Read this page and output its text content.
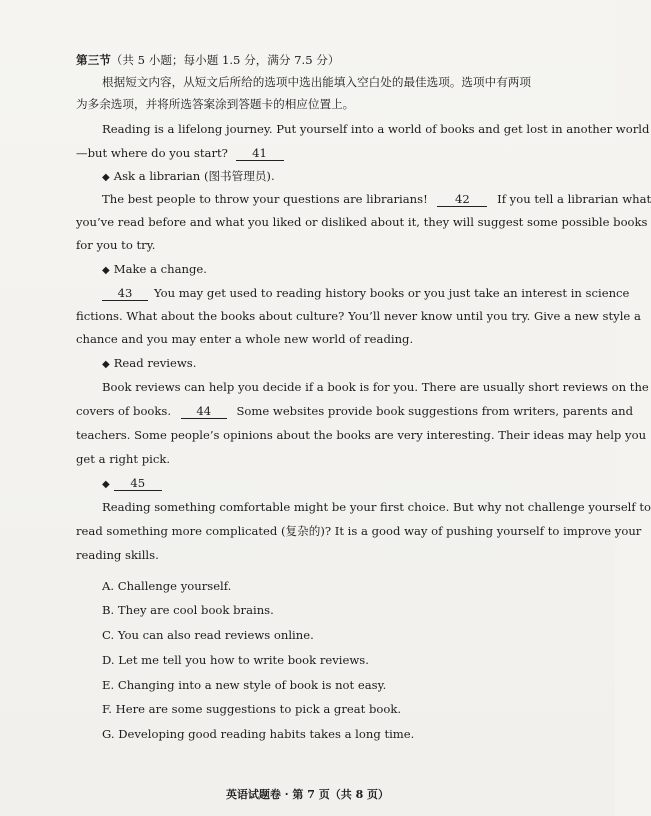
第三节（共 5 小题；每小题 1.5 分，满分 7.5 分）
根据短文内容，从短文后所给的选项中选出能填入空白处的最佳选项。选项中有两项
为多余选项，并将所选答案涂到答题卡的相应位置上。
Reading is a lifelong journey. Put yourself into a world of books and get lost in another world
—but where do you start? 41
◆ Ask a librarian (图书管理员).
The best people to throw your questions are librarians! 42 If you tell a librarian what
you’ve read before and what you liked or disliked about it, they will suggest some possible books
for you to try.
◆ Make a change.
43 You may get used to reading history books or you just take an interest in science
fictions. What about the books about culture? You’ll never know until you try. Give a new style a
chance and you may enter a whole new world of reading.
◆ Read reviews.
Book reviews can help you decide if a book is for you. There are usually short reviews on the
covers of books. 44 Some websites provide book suggestions from writers, parents and
teachers. Some people’s opinions about the books are very interesting. Their ideas may help you
get a right pick.
◆ 45
Reading something comfortable might be your first choice. But why not challenge yourself to
read something more complicated (复杂的)? It is a good way of pushing yourself to improve your
reading skills.
A. Challenge yourself.
B. They are cool book brains.
C. You can also read reviews online.
D. Let me tell you how to write book reviews.
E. Changing into a new style of book is not easy.
F. Here are some suggestions to pick a great book.
G. Developing good reading habits takes a long time.
英语试题卷 · 第 7 页（共 8 页）
